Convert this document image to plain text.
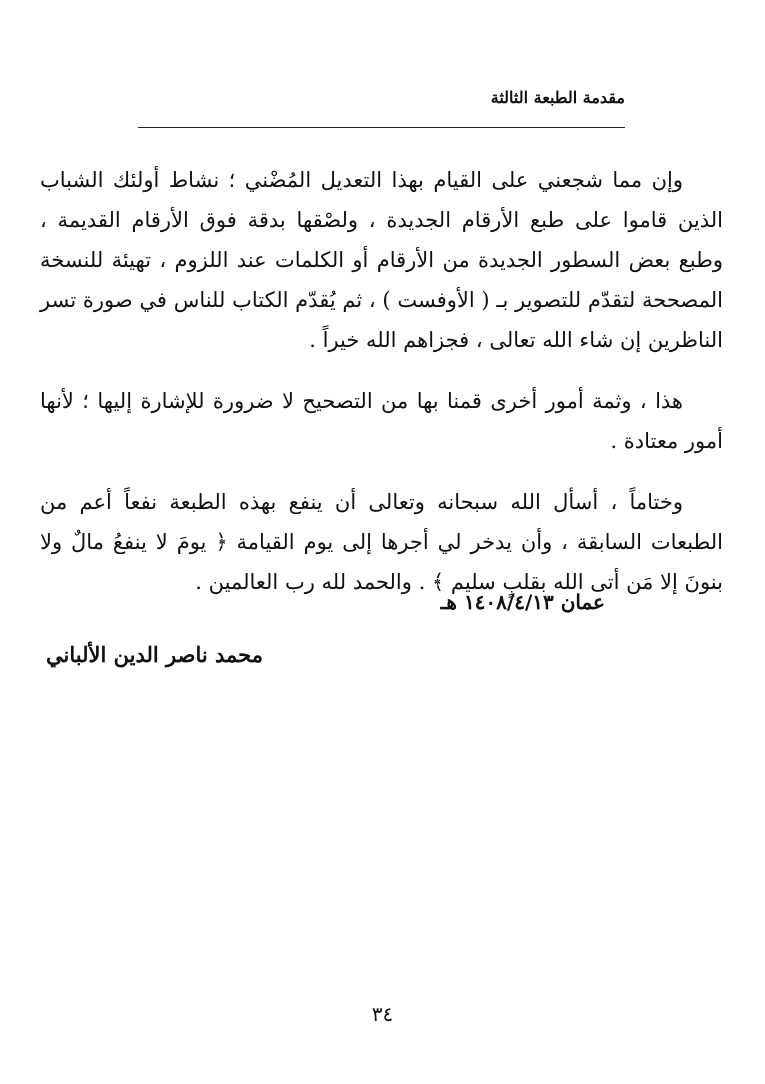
مقدمة الطبعة الثالثة

وإن مما شجعني على القيام بهذا التعديل المُضْني ؛ نشاط أولئك الشباب الذين قاموا على طبع الأرقام الجديدة ، ولصْقها بدقة فوق الأرقام القديمة ، وطبع بعض السطور الجديدة من الأرقام أو الكلمات عند اللزوم ، تهيئة للنسخة المصححة لتقدّم للتصوير بـ ( الأوفست ) ، ثم يُقدّم الكتاب للناس في صورة تسر الناظرين إن شاء الله تعالى ، فجزاهم الله خيراً .

هذا ، وثمة أمور أخرى قمنا بها من التصحيح لا ضرورة للإشارة إليها ؛ لأنها أمور معتادة .

وختاماً ، أسأل الله سبحانه وتعالى أن ينفع بهذه الطبعة نفعاً أعم من الطبعات السابقة ، وأن يدخر لي أجرها إلى يوم القيامة ﴿ يومَ لا ينفعُ مالٌ ولا بنونَ إلا مَن أتى الله بقلبٍ سليم ﴾ . والحمد لله رب العالمين .

عمان ١٤٠٨/٤/١٣ هـ
محمد ناصر الدين الألباني
٣٤
